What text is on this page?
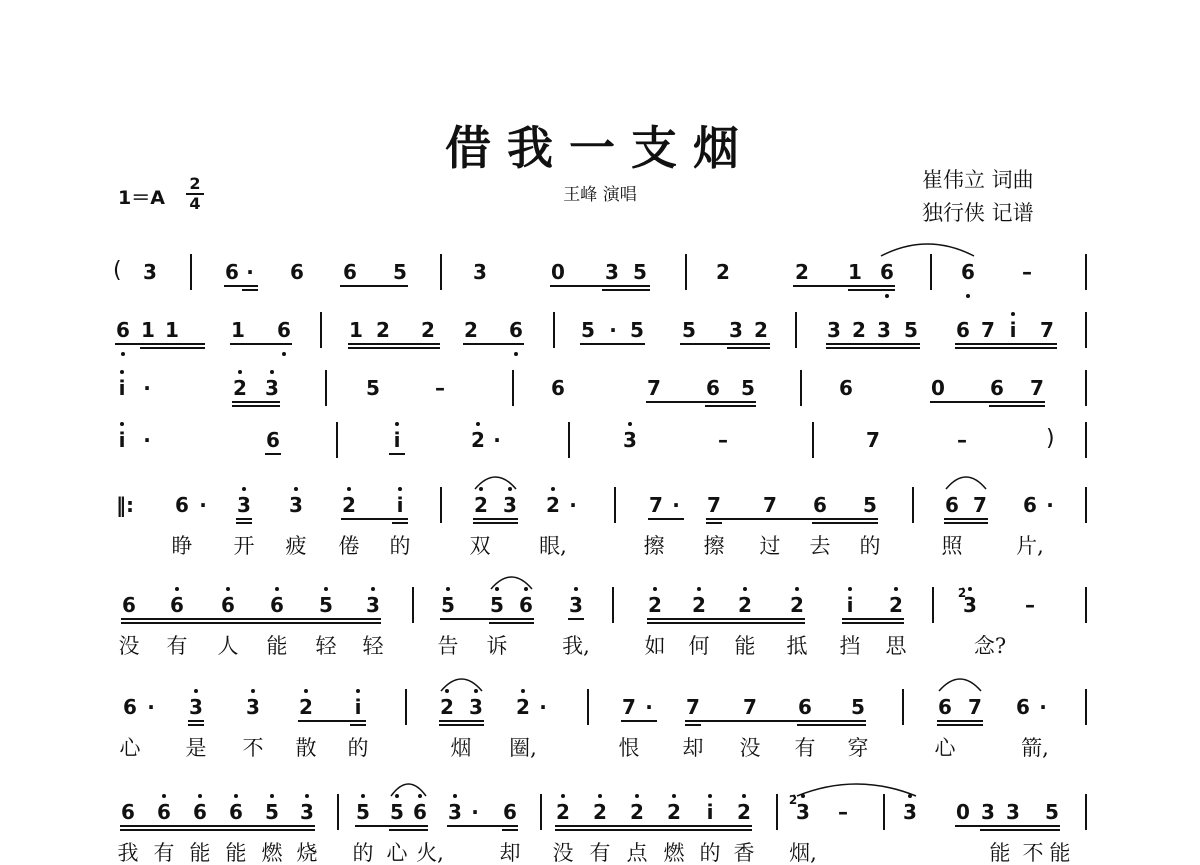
借我一支烟
王峰 演唱
崔伟立 词曲
独行侠 记谱
1＝A
2
4
3	6 ·	6 6 5	3	0 3 5	2	2 1 6	6	–
6 1 1	1 6	1 2 2 2 6	5 · 5 5 3 2	3 2 3 5 6 7 i	7
i ·	2 3	5	–	6	7 6 5	6	0 6 7
i ·	6	i	2 ·	3	–	7	–
6 ·	3 3 2	i	2 3 2 ·	7 ·	7 7 6 5	6 7 6 ·
睁 开 疲 倦 的	双 眼,	擦 擦 过 去 的	照	片,
6 6 6 6 5 3	5 5 6 3	2 2 2 2	i	2	3	–
没 有 人 能 轻 轻	告 诉	我,	如 何 能 抵 挡 思	念?
6 ·	3 3 2	i	2 3 2 ·	7 ·	7 7 6 5	6 7 6 ·
心 是 不 散 的	烟 圈,	恨 却 没 有 穿	心	箭,
6 6 6 6 5 3 5 5 6 3 ·	6 2 2 2 2	i	2 3	–	3 0 3 3 5
我 有 能 能 燃 烧 的 心 火,	却 没 有 点 燃 的 香 烟,	能 不 能
(
)
‖:
2̇
2̇
